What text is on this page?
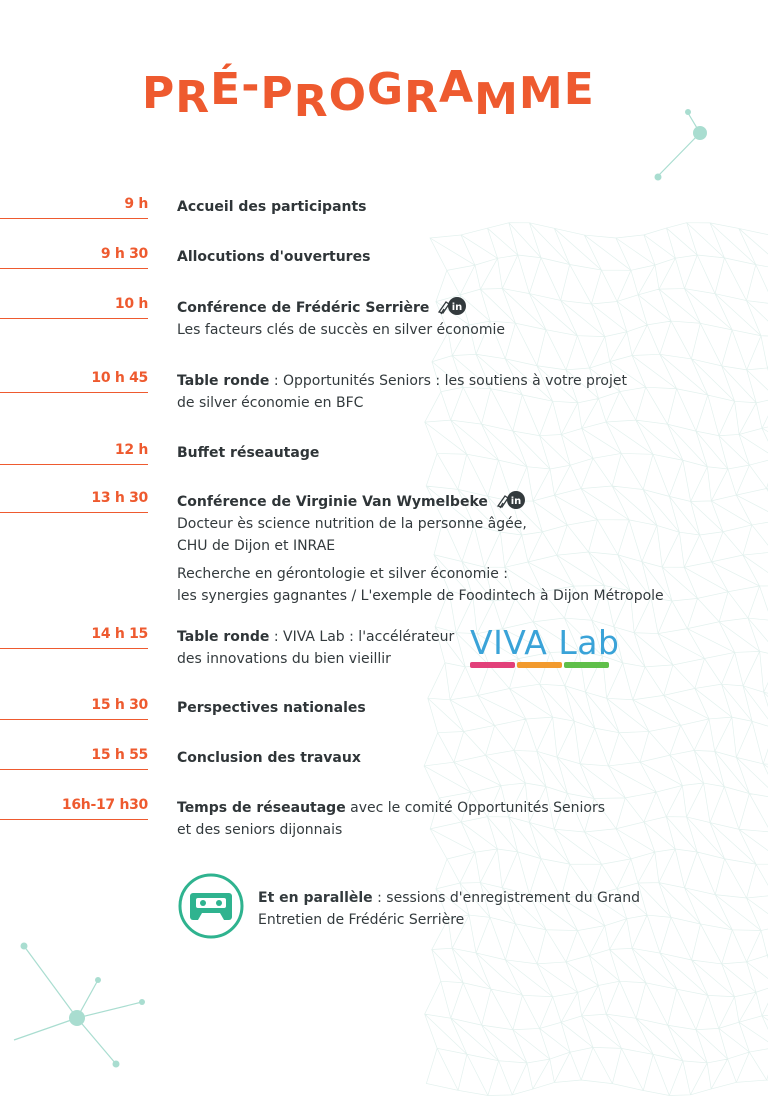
PRÉ-PROGRAMME
9 h Accueil des participants
9 h 30 Allocutions d'ouvertures
10 h Conférence de Frédéric Serrière in
Les facteurs clés de succès en silver économie
10 h 45 Table ronde : Opportunités Seniors : les soutiens à votre projet
de silver économie en BFC
12 h Buffet réseautage
13 h 30 Conférence de Virginie Van Wymelbeke in
Docteur ès science nutrition de la personne âgée,
CHU de Dijon et INRAE
Recherche en gérontologie et silver économie :
les synergies gagnantes / L'exemple de Foodintech à Dijon Métropole
14 h 15 Table ronde : VIVA Lab : l'accélérateur
des innovations du bien vieillir
15 h 30 Perspectives nationales
15 h 55 Conclusion des travaux
16h-17 h30 Temps de réseautage avec le comité Opportunités Seniors
et des seniors dijonnais
VIVA Lab
Et en parallèle : sessions d'enregistrement du Grand
Entretien de Frédéric Serrière
